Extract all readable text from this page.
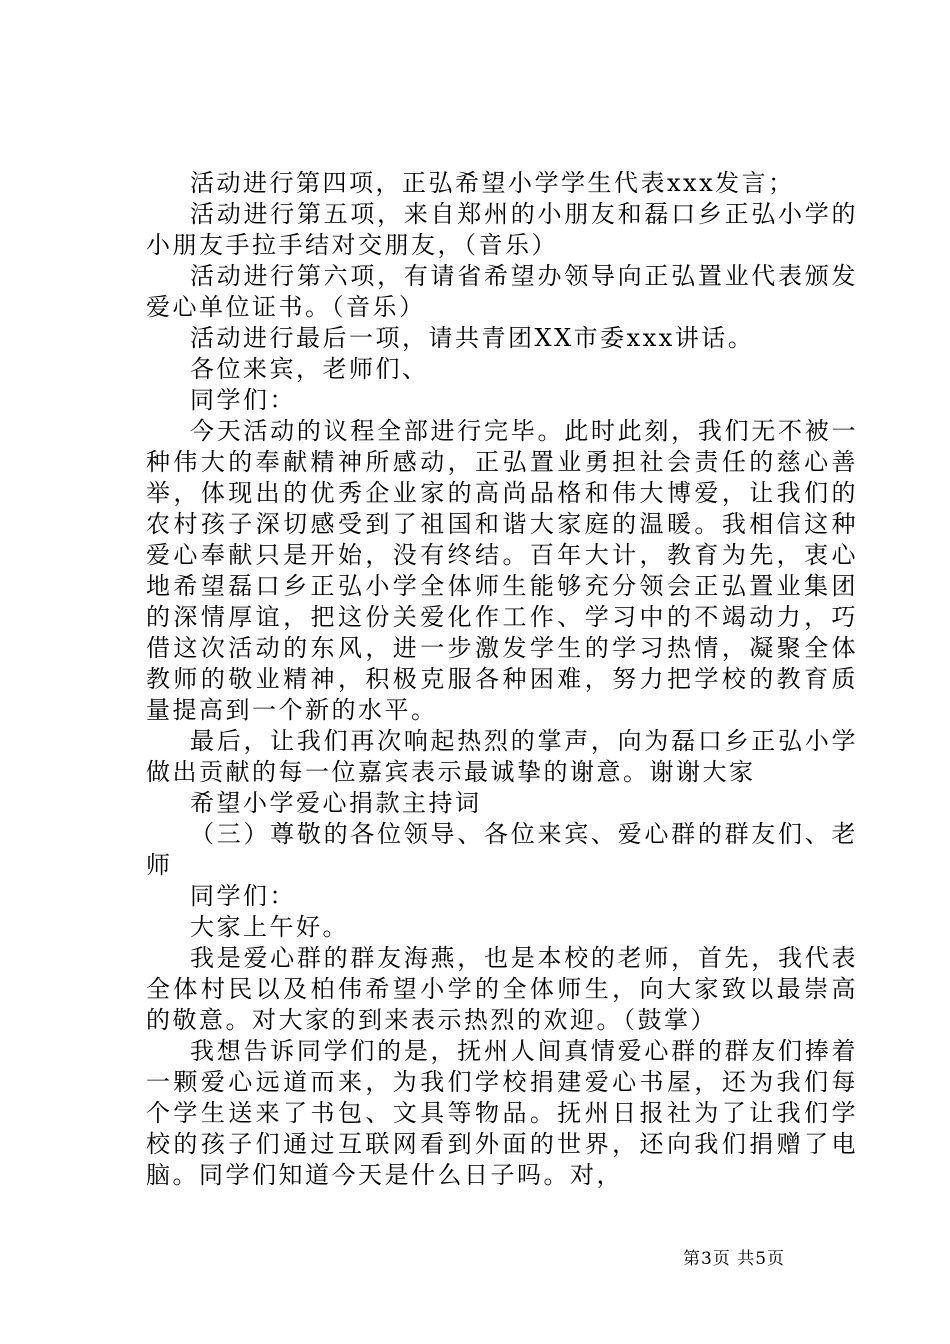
活动进行第四项，正弘希望小学学生代表xxx发言；

活动进行第五项，来自郑州的小朋友和磊口乡正弘小学的小朋友手拉手结对交朋友，（音乐）

活动进行第六项，有请省希望办领导向正弘置业代表颁发爱心单位证书。（音乐）

活动进行最后一项，请共青团XX市委xxx讲话。

各位来宾，老师们、

同学们：

今天活动的议程全部进行完毕。此时此刻，我们无不被一种伟大的奉献精神所感动，正弘置业勇担社会责任的慈心善举，体现出的优秀企业家的高尚品格和伟大博爱，让我们的农村孩子深切感受到了祖国和谐大家庭的温暖。我相信这种爱心奉献只是开始，没有终结。百年大计，教育为先，衷心地希望磊口乡正弘小学全体师生能够充分领会正弘置业集团的深情厚谊，把这份关爱化作工作、学习中的不竭动力，巧借这次活动的东风，进一步激发学生的学习热情，凝聚全体教师的敬业精神，积极克服各种困难，努力把学校的教育质量提高到一个新的水平。

最后，让我们再次响起热烈的掌声，向为磊口乡正弘小学做出贡献的每一位嘉宾表示最诚挚的谢意。谢谢大家

希望小学爱心捐款主持词

（三）尊敬的各位领导、各位来宾、爱心群的群友们、老师

同学们：

大家上午好。

我是爱心群的群友海燕，也是本校的老师，首先，我代表全体村民以及柏伟希望小学的全体师生，向大家致以最崇高的敬意。对大家的到来表示热烈的欢迎。（鼓掌）

我想告诉同学们的是，抚州人间真情爱心群的群友们捧着一颗爱心远道而来，为我们学校捐建爱心书屋，还为我们每个学生送来了书包、文具等物品。抚州日报社为了让我们学校的孩子们通过互联网看到外面的世界，还向我们捐赠了电脑。同学们知道今天是什么日子吗。对，

第3页 共5页
